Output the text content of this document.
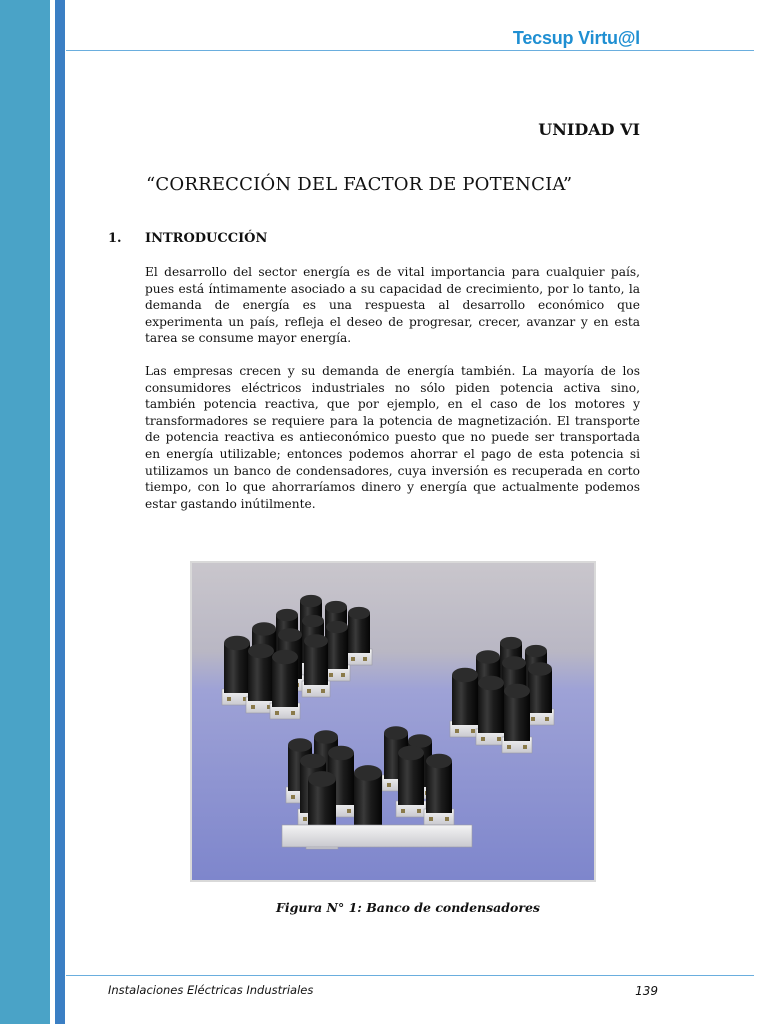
Tecsup Virtu@l
UNIDAD VI
“CORRECCIÓN DEL FACTOR DE POTENCIA”
1. INTRODUCCIÓN
El desarrollo del sector energía es de vital importancia para cualquier país, pues está íntimamente asociado a su capacidad de crecimiento, por lo tanto, la demanda de energía es una respuesta al desarrollo económico que experimenta un país, refleja el deseo de progresar, crecer, avanzar y en esta tarea se consume mayor energía.
Las empresas crecen y su demanda de energía también. La mayoría de los consumidores eléctricos industriales no sólo piden potencia activa sino, también potencia reactiva, que por ejemplo, en el caso de los motores y transformadores se requiere para la potencia de magnetización. El transporte de potencia reactiva es antieconómico puesto que no puede ser transportada en energía utilizable; entonces podemos ahorrar el pago de esta potencia si utilizamos un banco de condensadores, cuya inversión es recuperada en corto tiempo, con lo que ahorraríamos dinero y energía que actualmente podemos estar gastando inútilmente.
Figura N° 1: Banco de condensadores
Instalaciones Eléctricas Industriales	139
